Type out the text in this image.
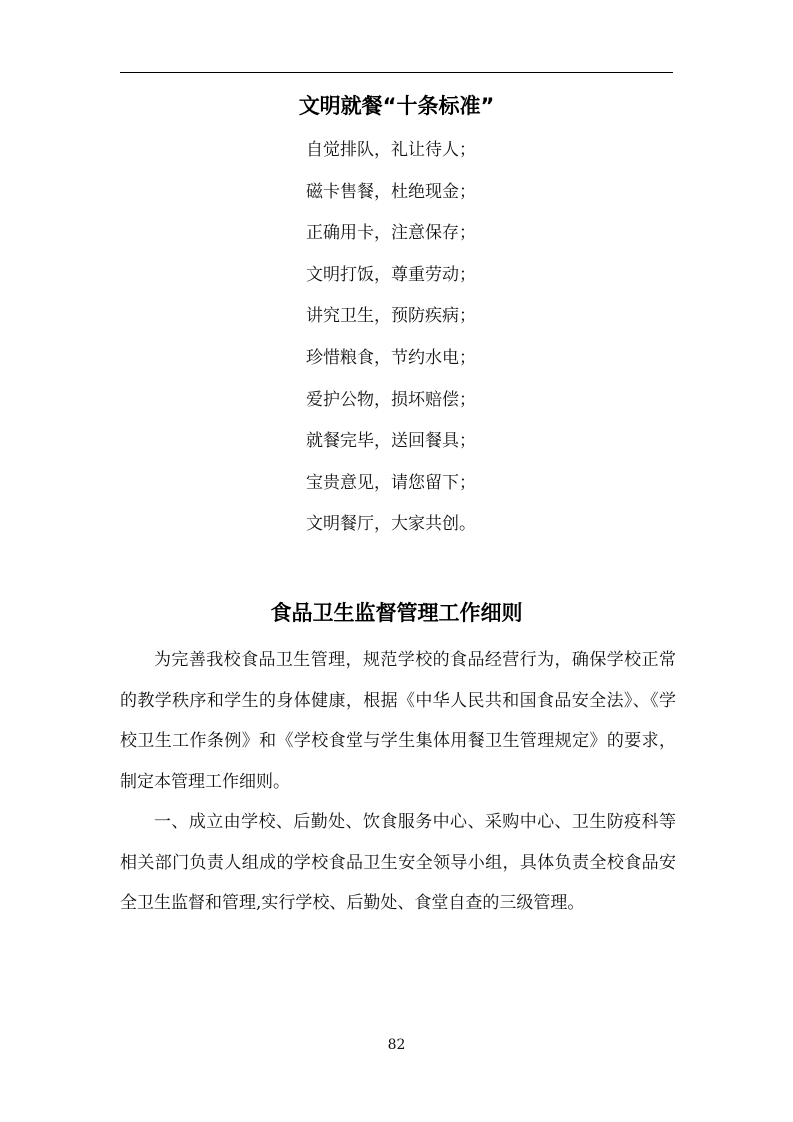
文明就餐“十条标准”
自觉排队，礼让待人；
磁卡售餐，杜绝现金；
正确用卡，注意保存；
文明打饭，尊重劳动；
讲究卫生，预防疾病；
珍惜粮食，节约水电；
爱护公物，损坏赔偿；
就餐完毕，送回餐具；
宝贵意见，请您留下；
文明餐厅，大家共创。
食品卫生监督管理工作细则

为完善我校食品卫生管理，规范学校的食品经营行为，确保学校正常的教学秩序和学生的身体健康，根据《中华人民共和国食品安全法》、《学校卫生工作条例》和《学校食堂与学生集体用餐卫生管理规定》的要求，制定本管理工作细则。

一、成立由学校、后勤处、饮食服务中心、采购中心、卫生防疫科等相关部门负责人组成的学校食品卫生安全领导小组，具体负责全校食品安全卫生监督和管理,实行学校、后勤处、食堂自查的三级管理。

82
